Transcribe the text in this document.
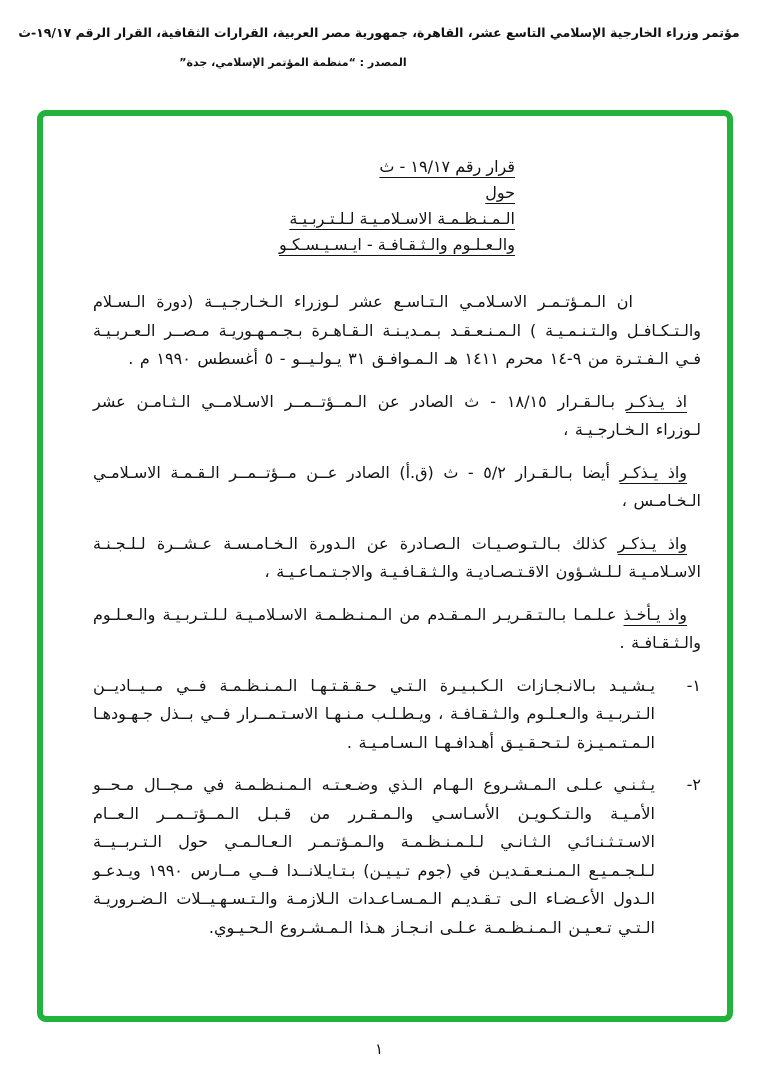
مؤتمر وزراء الخارجية الإسلامي التاسع عشر، القاهرة، جمهورية مصر العربية، القرارات الثقافية، القرار الرقم ١٩/١٧-ث
المصدر : “منظمة المؤتمر الإسلامي، جدة”
قرار رقم ١٩/١٧ - ث
حول
الـمـنـظـمـة الاسـلامـيـة لـلـتـربـيـة
والـعـلـوم والـثـقـافـة - ايـسـيـسـكـو

ان الـمـؤتـمـر الاسـلامـي الـتـاسـع عشر لـوزراء الـخـارجـيــة (دورة الـسـلام والـتـكـافـل والـتـنـمـيـة ) الـمـنـعـقـد بـمـديـنـة الـقـاهـرة بـجـمـهـوريـة مـصــر الـعـربـيـة فـي الـفـتـرة من ⁦٩-١٤⁩ محرم ١٤١١ هـ الـمـوافـق ٣١ يـولـيــو - ٥ أغسطس ١٩٩٠ م .

اذ يـذكـر بـالـقـرار ١٨/١٥ - ث الصادر عن الـمــؤتــمــر الاسـلامــي الـثـامـن عشر لـوزراء الـخـارجـيـة ،

واذ يـذكـر أيضا بـالـقـرار ٥/٢ - ث (ق.أ) الصادر عــن مــؤتــمــر الـقـمـة الاسـلامـي الـخـامـس ،

واذ يـذكـر كذلك بـالـتـوصـيـات الـصـادرة عن الـدورة الـخـامـسـة عـشــرة لـلـجـنـة الاسـلامـيـة لـلـشـؤون الاقـتـصـاديـة والـثـقـافـيـة والاجـتـمـاعـيـة ،

واذ يـأخـذ عـلـمـا بـالـتـقـريـر الـمـقـدم من الـمـنـظـمـة الاسـلامـيـة لـلـتـربـيـة والـعـلـوم والـثـقـافـة .

١-
يـشـيـد بـالانـجـازات الـكـبـيـرة الـتـي حـقـقـتـهـا الـمـنـظـمـة فــي مــيــاديــن الـتـربـيـة والـعـلـوم والـثـقـافـة ، ويـطـلـب مـنـهـا الاسـتـمــرار فــي بــذل جـهـودهـا الـمـتـمـيـزة لـتـحـقـيـق أهـدافـهـا الـسـامـيـة .
٢-
يـثـنـي عـلـى الـمـشـروع الـهـام الـذي وضـعـتـه الـمـنـظـمـة في مـجــال مـحــو الأمـيـة والـتـكـويـن الأسـاسـي والـمـقـرر من قـبـل الـمــؤتــمــر الـعــام الاسـتـثـنـائـي الـثـانـي لـلـمـنـظـمـة والـمـؤتـمـر الـعـالـمـي حول الـتـربــيــة لـلـجـمـيـع الـمـنـعـقـديـن في (جوم تـيـيـن) بـتـايـلانــدا فــي مــارس ١٩٩٠ ويـدعـو الـدول الأعـضـاء الـى تـقـديـم الـمـسـاعـدات الـلازمـة والـتـسـهـيــلات الـضـروريـة الـتـي تـعـيـن الـمـنـظـمـة عـلـى انـجـاز هـذا الـمـشـروع الـحـيـوي.
١
